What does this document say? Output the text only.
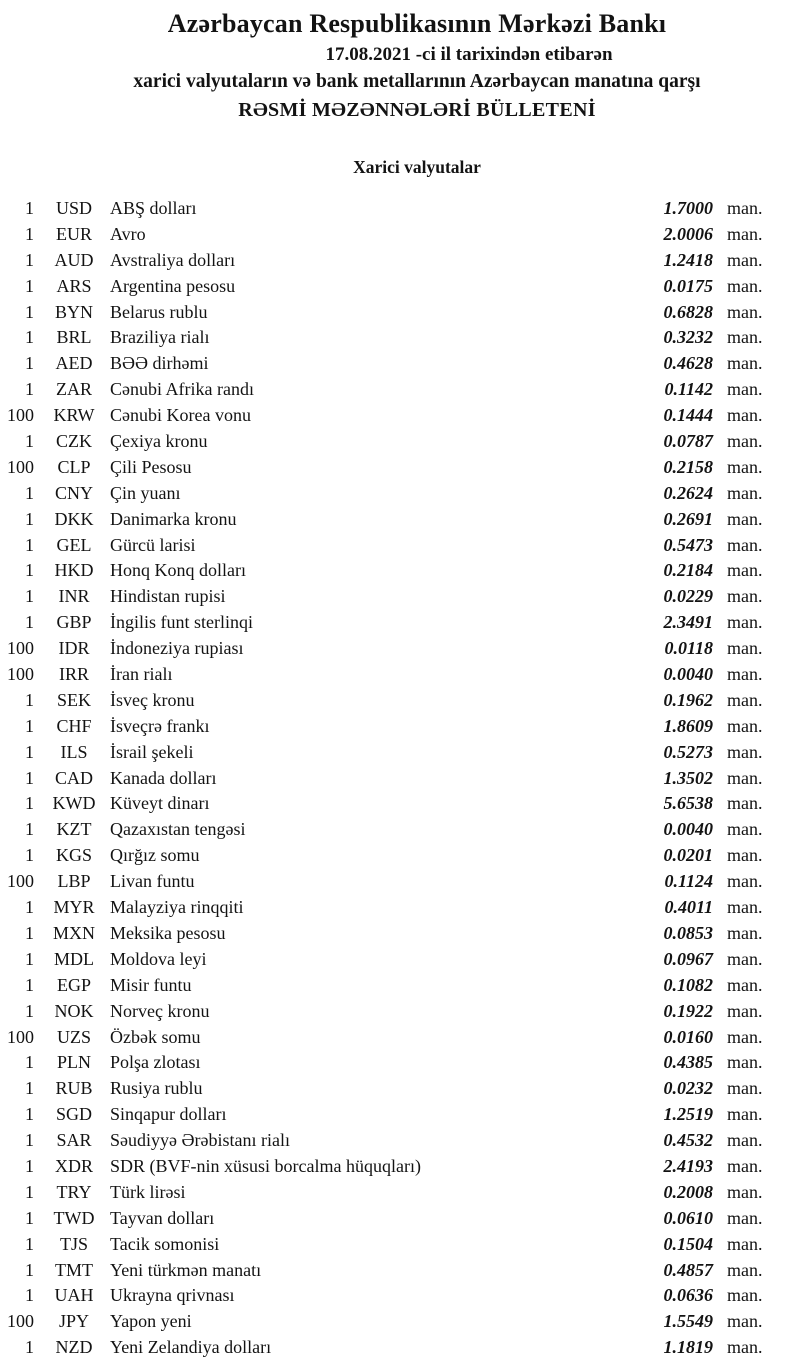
Azərbaycan Respublikasının Mərkəzi Bankı
17.08.2021 -ci il tarixindən etibarən
xarici valyutaların və bank metallarının Azərbaycan manatına qarşı
RƏSMİ MƏZƏNNƏLƏRİ BÜLLETENİ
Xarici valyutalar
1	USD	ABŞ dolları	1.7000 man.
1	EUR	Avro	2.0006 man.
1	AUD Avstraliya dolları	1.2418 man.
1	ARS	Argentina pesosu	0.0175 man.
1	BYN Belarus rublu	0.6828 man.
1	BRL	Braziliya rialı	0.3232 man.
1	AED BƏƏ dirhəmi	0.4628 man.
1	ZAR	Cənubi Afrika randı	0.1142 man.
100	KRW Cənubi Korea vonu	0.1444 man.
1	CZK	Çexiya kronu	0.0787 man.
100	CLP	Çili Pesosu	0.2158 man.
1	CNY Çin yuanı	0.2624 man.
1	DKK Danimarka kronu	0.2691 man.
1	GEL	Gürcü larisi	0.5473 man.
1	HKD Honq Konq dolları	0.2184 man.
1	INR	Hindistan rupisi	0.0229 man.
1	GBP	İngilis funt sterlinqi	2.3491 man.
100	IDR	İndoneziya rupiası	0.0118 man.
100	IRR	İran rialı	0.0040 man.
1	SEK	İsveç kronu	0.1962 man.
1	CHF	İsveçrə frankı	1.8609 man.
1	ILS	İsrail şekeli	0.5273 man.
1	CAD Kanada dolları	1.3502 man.
1	KWD Küveyt dinarı	5.6538 man.
1	KZT	Qazaxıstan tengəsi	0.0040 man.
1	KGS	Qırğız somu	0.0201 man.
100	LBP	Livan funtu	0.1124 man.
1	MYR Malayziya rinqqiti	0.4011 man.
1	MXN Meksika pesosu	0.0853 man.
1	MDL Moldova leyi	0.0967 man.
1	EGP	Misir funtu	0.1082 man.
1	NOK Norveç kronu	0.1922 man.
100	UZS	Özbək somu	0.0160 man.
1	PLN	Polşa zlotası	0.4385 man.
1	RUB Rusiya rublu	0.0232 man.
1	SGD	Sinqapur dolları	1.2519 man.
1	SAR	Səudiyyə Ərəbistanı rialı	0.4532 man.
1	XDR SDR (BVF-nin xüsusi borcalma hüquqları)	2.4193 man.
1	TRY	Türk lirəsi	0.2008 man.
1	TWD Tayvan dolları	0.0610 man.
1	TJS	Tacik somonisi	0.1504 man.
1	TMT Yeni türkmən manatı	0.4857 man.
1	UAH Ukrayna qrivnası	0.0636 man.
100	JPY	Yapon yeni	1.5549 man.
1	NZD Yeni Zelandiya dolları	1.1819 man.
